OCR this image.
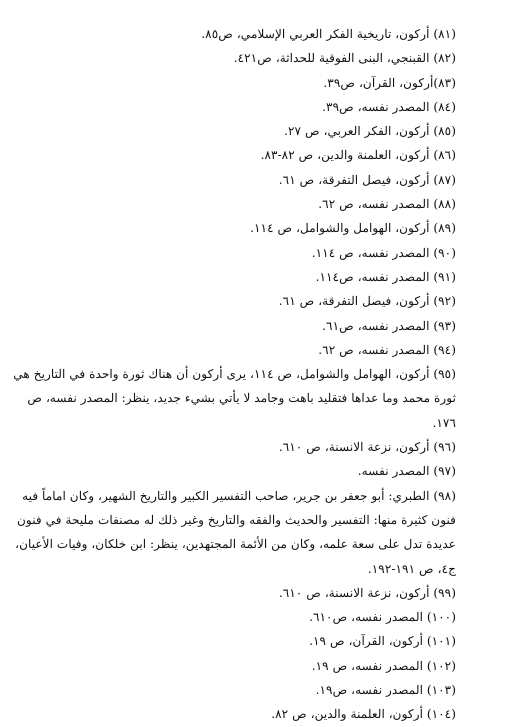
(٨١) أركون، تاريخية الفكر العربي الإسلامي، ص٨٥.

(٨٢) القبنجي، البنى الفوقية للحداثة، ص٤٢١.

(٨٣)أركون، القرآن، ص٣٩.

(٨٤) المصدر نفسه، ص٣٩.

(٨٥) أركون، الفكر العربي، ص ٢٧.

(٨٦) أركون، العلمنة والدين، ص ٨٢-٨٣.

(٨٧) أركون، فيصل التفرقة، ص ٦١.

(٨٨) المصدر نفسه، ص ٦٢.

(٨٩) أركون، الهوامل والشوامل، ص ١١٤.

(٩٠) المصدر نفسه، ص ١١٤.

(٩١) المصدر نفسه، ص١١٤.

(٩٢) أركون، فيصل التفرقة، ص ٦١.

(٩٣) المصدر نفسه، ص٦١.

(٩٤) المصدر نفسه، ص ٦٢.

(٩٥) أركون، الهوامل والشوامل، ص ١١٤، يرى أركون أن هناك ثورة واحدة في التاريخ هي ثورة محمد وما عداها فتقليد باهت وجامد لا يأتي بشيء جديد، ينظر: المصدر نفسه، ص ١٧٦.

(٩٦) أركون، نزعة الانسنة، ص ٦١٠.

(٩٧) المصدر نفسه.

(٩٨) الطبري: أبو جعفر بن جرير، صاحب التفسير الكبير والتاريخ الشهير، وكان اماماً فيه فنون كثيرة منها: التفسير والحديث والفقه والتاريخ وغير ذلك له مصنفات مليحة في فنون عديدة تدل على سعة علمه، وكان من الأئمة المجتهدين، ينظر: ابن خلكان، وفيات الأعيان، ج٤، ص ١٩١-١٩٢.

(٩٩) أركون، نزعة الانسنة، ص ٦١٠.

(١٠٠) المصدر نفسه، ص٦١٠.

(١٠١) أركون، القرآن، ص ١٩.

(١٠٢) المصدر نفسه، ص ١٩.

(١٠٣) المصدر نفسه، ص١٩.

(١٠٤) أركون، العلمنة والدين، ص ٨٢.
